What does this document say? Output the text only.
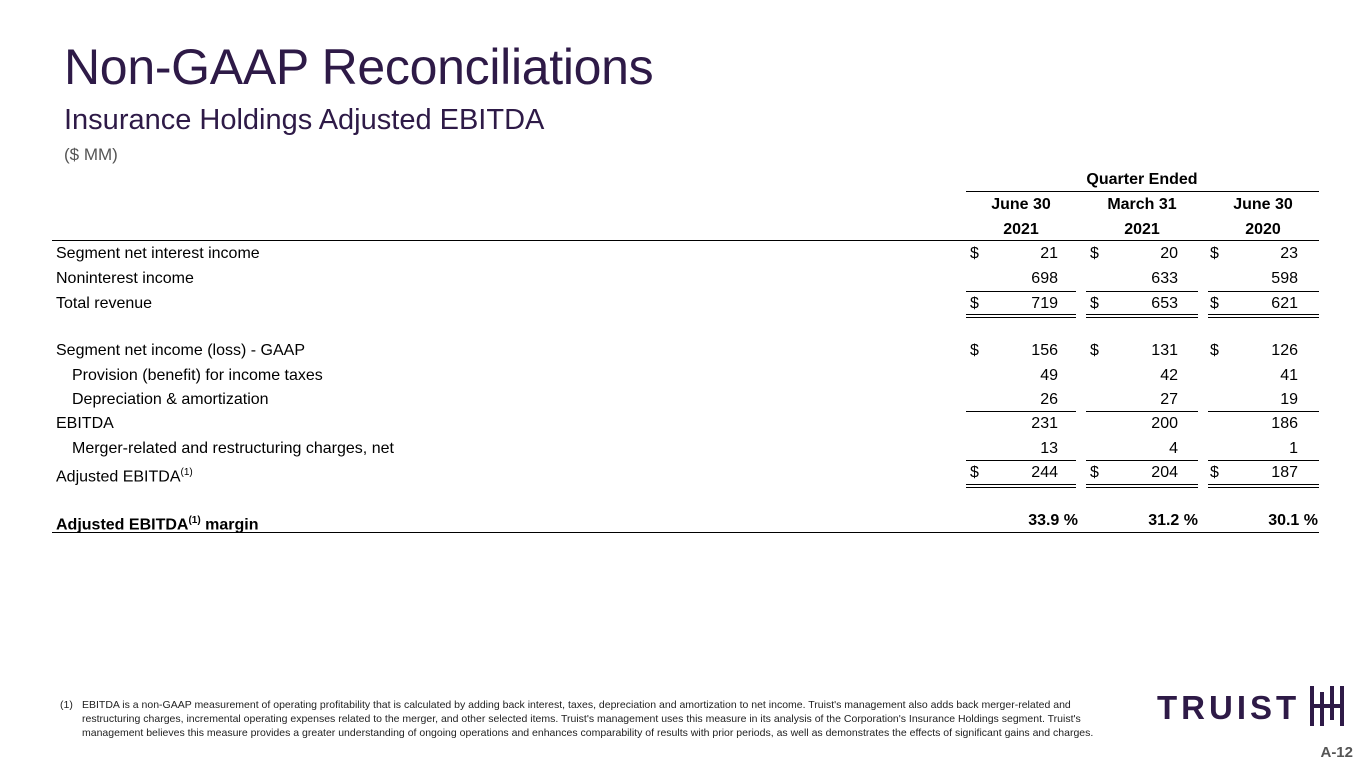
Non-GAAP Reconciliations
Insurance Holdings Adjusted EBITDA
($ MM)
Quarter Ended
June 30	March 31	June 30
2021	2021	2020
Segment net interest income	$	21 $	20 $	23
Noninterest income	698	633	598
Total revenue	$	719 $	653 $	621
Segment net income (loss) - GAAP	$	156 $	131 $	126
Provision (benefit) for income taxes	49	42	41
Depreciation & amortization	26	27	19
EBITDA	231	200	186
Merger-related and restructuring charges, net	13	4	1
Adjusted EBITDA$^{(1)}$	$	244 $	204 $	187
Adjusted EBITDA$^{(1)}$ margin	33.9 %	31.2 %	30.1 %
(1) EBITDA is a non-GAAP measurement of operating profitability that is calculated by adding back interest, taxes, depreciation and amortization to net income. Truist's management also adds back merger-related and restructuring charges, incremental operating expenses related to the merger, and other selected items. Truist's management uses this measure in its analysis of the Corporation's Insurance Holdings segment. Truist's management believes this measure provides a greater understanding of ongoing operations and enhances comparability of results with prior periods, as well as demonstrates the effects of significant gains and charges.
TRUIST
A-12
